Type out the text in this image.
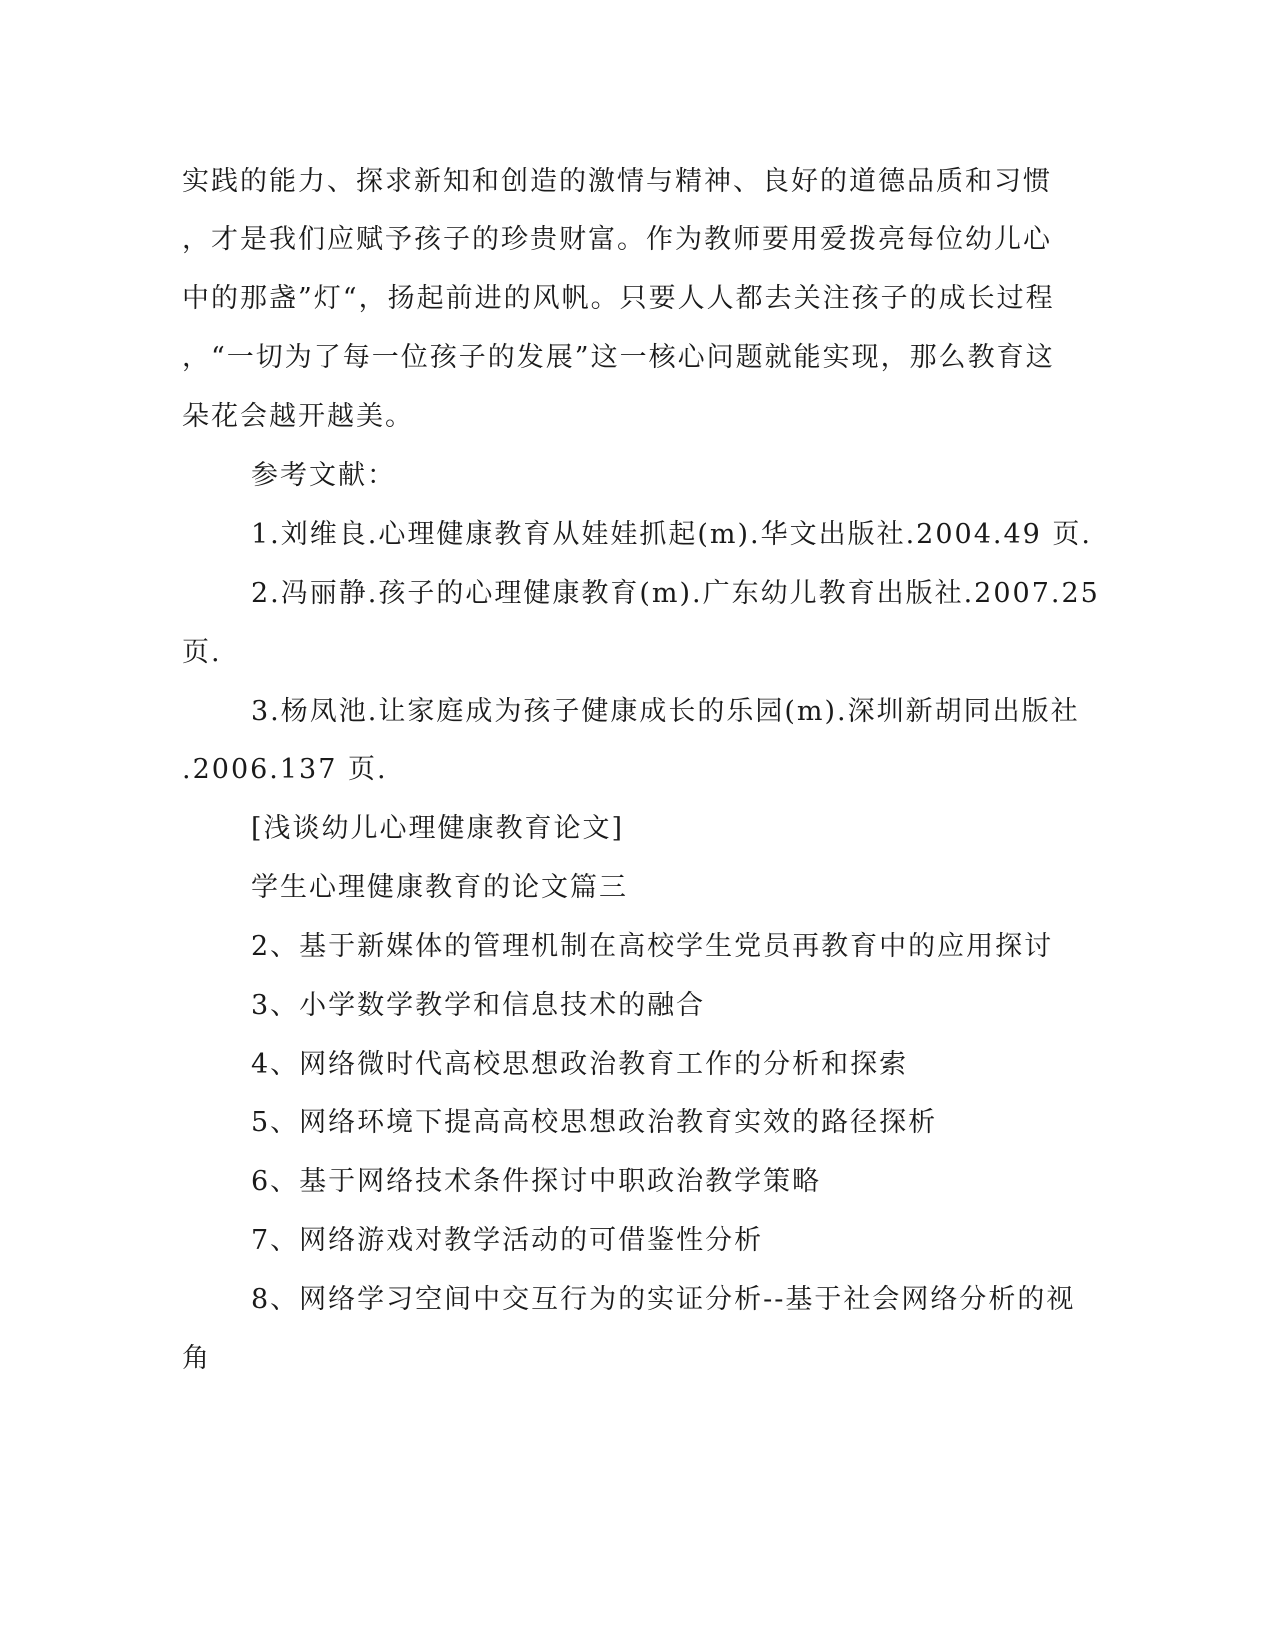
实践的能力、探求新知和创造的激情与精神、良好的道德品质和习惯
，才是我们应赋予孩子的珍贵财富。作为教师要用爱拨亮每位幼儿心
中的那盏”灯“，扬起前进的风帆。只要人人都去关注孩子的成长过程
，“一切为了每一位孩子的发展”这一核心问题就能实现，那么教育这
朵花会越开越美。
参考文献：
1.刘维良.心理健康教育从娃娃抓起(m).华文出版社.2004.49 页.
2.冯丽静.孩子的心理健康教育(m).广东幼儿教育出版社.2007.25
页.
3.杨凤池.让家庭成为孩子健康成长的乐园(m).深圳新胡同出版社
.2006.137 页.
[浅谈幼儿心理健康教育论文]
学生心理健康教育的论文篇三
2、基于新媒体的管理机制在高校学生党员再教育中的应用探讨
3、小学数学教学和信息技术的融合
4、网络微时代高校思想政治教育工作的分析和探索
5、网络环境下提高高校思想政治教育实效的路径探析
6、基于网络技术条件探讨中职政治教学策略
7、网络游戏对教学活动的可借鉴性分析
8、网络学习空间中交互行为的实证分析--基于社会网络分析的视
角
